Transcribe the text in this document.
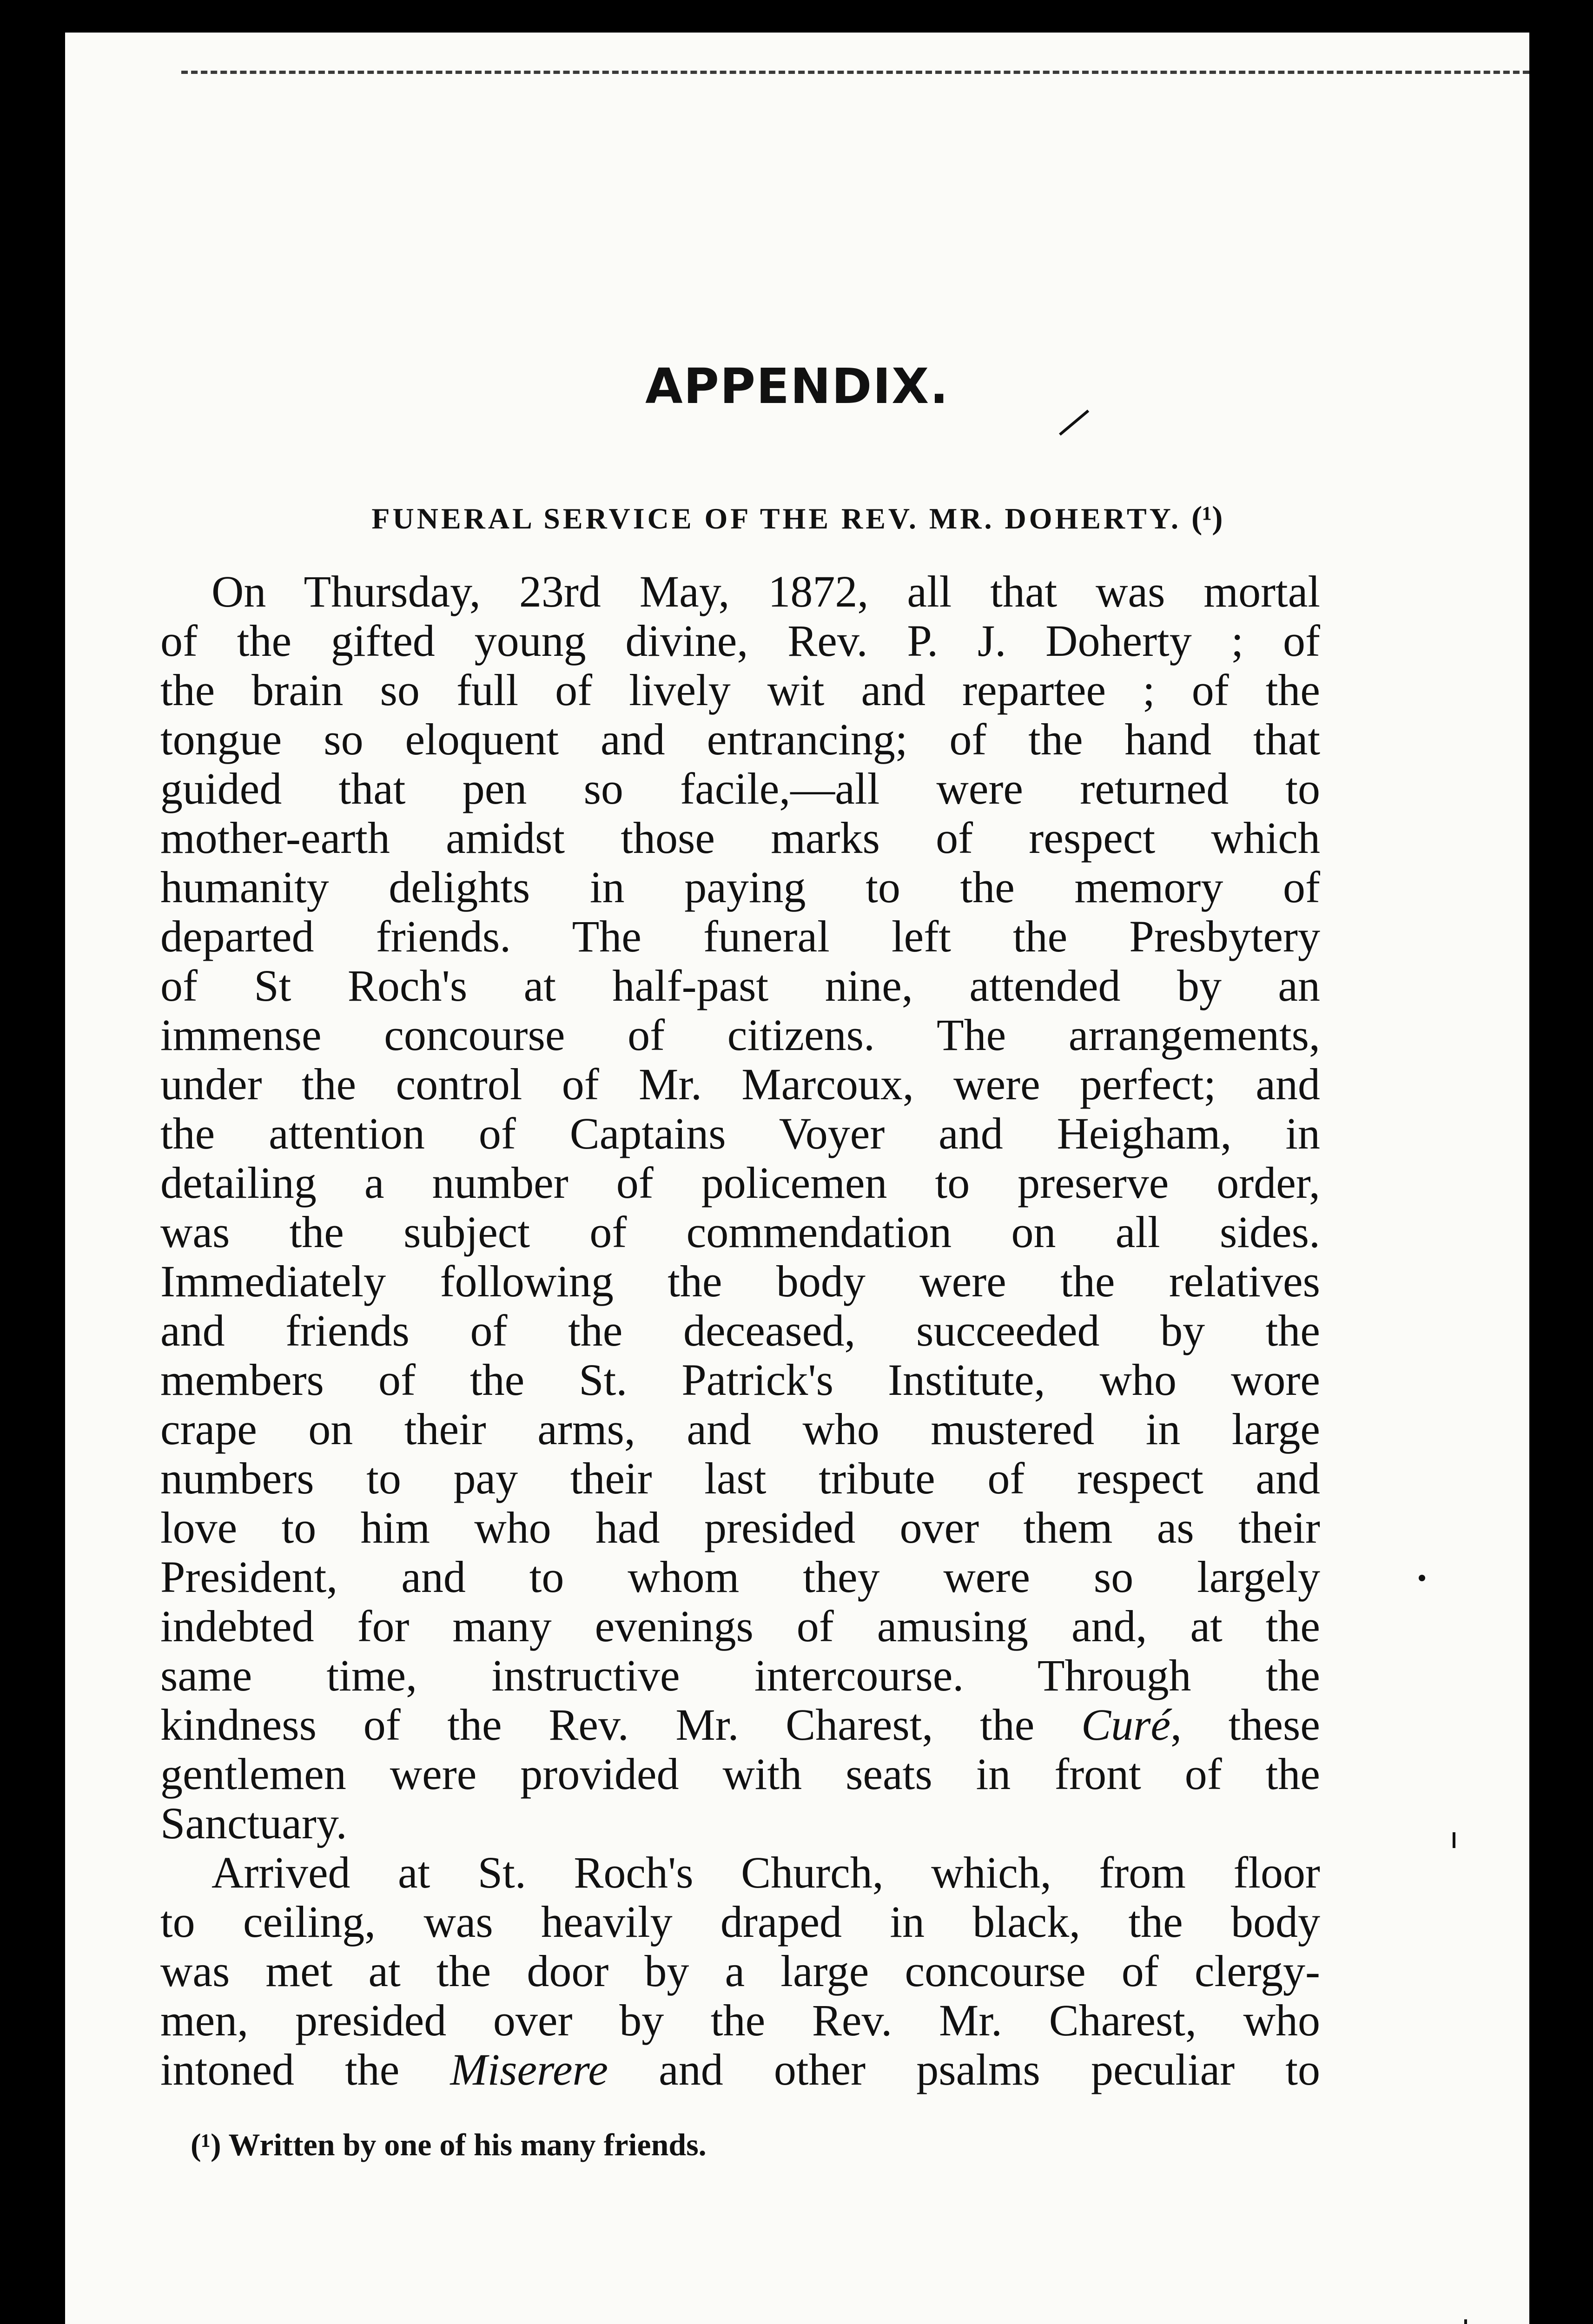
APPENDIX.
FUNERAL SERVICE OF THE REV. MR. DOHERTY. (¹)
On Thursday, 23rd May, 1872, all that was mortal
of the gifted young divine, Rev. P. J. Doherty ; of
the brain so full of lively wit and repartee ; of the
tongue so eloquent and entrancing; of the hand that
guided that pen so facile,—all were returned to
mother-earth amidst those marks of respect which
humanity delights in paying to the memory of
departed friends. The funeral left the Presbytery
of St Roch's at half-past nine, attended by an
immense concourse of citizens. The arrangements,
under the control of Mr. Marcoux, were perfect; and
the attention of Captains Voyer and Heigham, in
detailing a number of policemen to preserve order,
was the subject of commendation on all sides.
Immediately following the body were the relatives
and friends of the deceased, succeeded by the
members of the St. Patrick's Institute, who wore
crape on their arms, and who mustered in large
numbers to pay their last tribute of respect and
love to him who had presided over them as their
President, and to whom they were so largely
indebted for many evenings of amusing and, at the
same time, instructive intercourse. Through the
kindness of the Rev. Mr. Charest, the Curé, these
gentlemen were provided with seats in front of the
Sanctuary.
Arrived at St. Roch's Church, which, from floor
to ceiling, was heavily draped in black, the body
was met at the door by a large concourse of clergy-
men, presided over by the Rev. Mr. Charest, who
intoned the Miserere and other psalms peculiar to

(¹) Written by one of his many friends.
